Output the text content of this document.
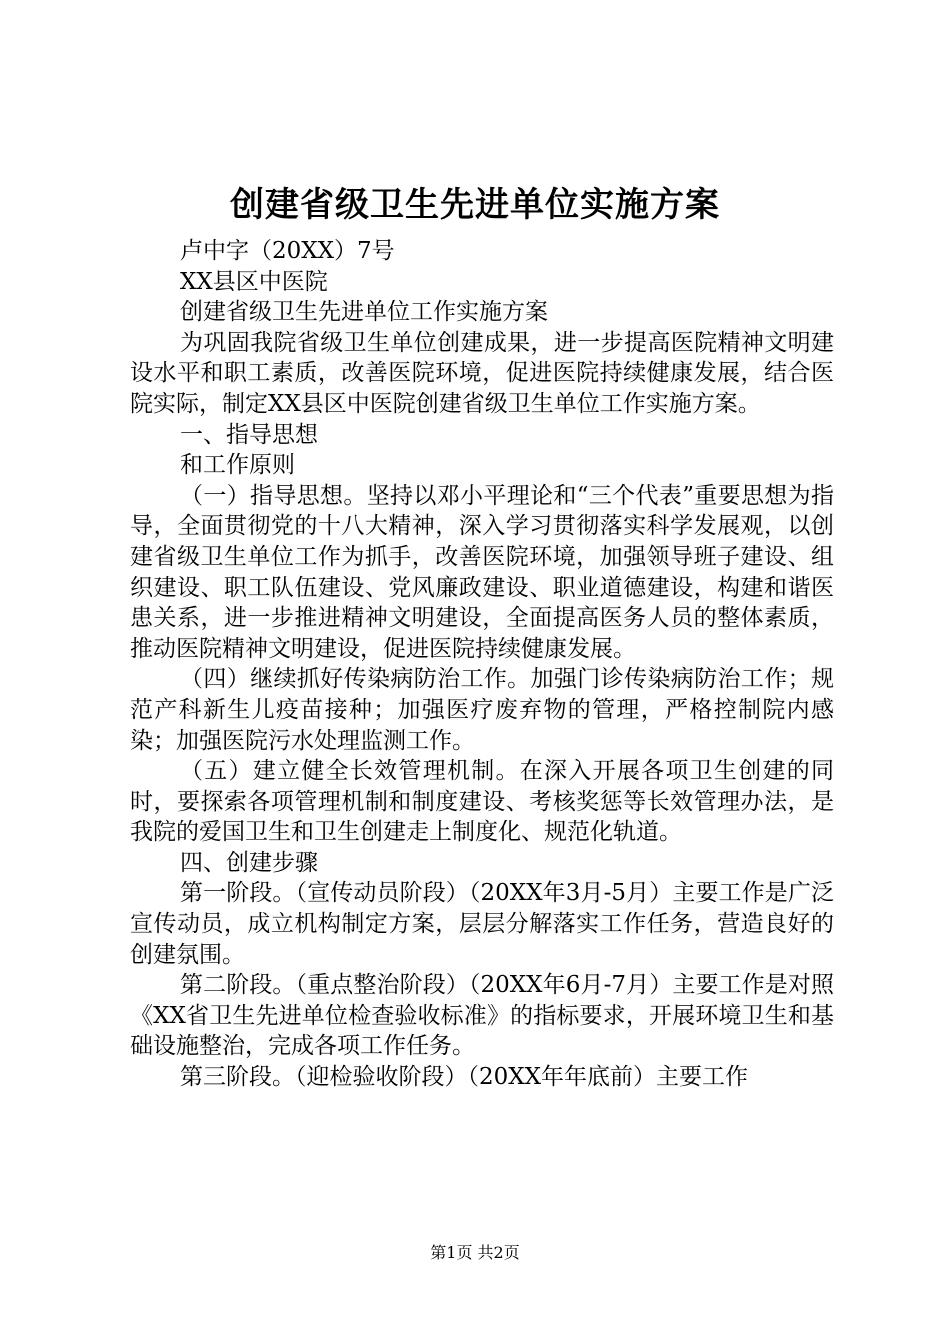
创建省级卫生先进单位实施方案

卢中字（20XX）7号

XX县区中医院

创建省级卫生先进单位工作实施方案

为巩固我院省级卫生单位创建成果，进一步提高医院精神文明建设水平和职工素质，改善医院环境，促进医院持续健康发展，结合医院实际，制定XX县区中医院创建省级卫生单位工作实施方案。

一、指导思想

和工作原则

（一）指导思想。坚持以邓小平理论和“三个代表”重要思想为指导，全面贯彻党的十八大精神，深入学习贯彻落实科学发展观，以创建省级卫生单位工作为抓手，改善医院环境，加强领导班子建设、组织建设、职工队伍建设、党风廉政建设、职业道德建设，构建和谐医患关系，进一步推进精神文明建设，全面提高医务人员的整体素质，推动医院精神文明建设，促进医院持续健康发展。

（四）继续抓好传染病防治工作。加强门诊传染病防治工作；规范产科新生儿疫苗接种；加强医疗废弃物的管理，严格控制院内感染；加强医院污水处理监测工作。

（五）建立健全长效管理机制。在深入开展各项卫生创建的同时，要探索各项管理机制和制度建设、考核奖惩等长效管理办法，是我院的爱国卫生和卫生创建走上制度化、规范化轨道。

四、创建步骤

第一阶段。（宣传动员阶段）（20XX年3月-5月）主要工作是广泛宣传动员，成立机构制定方案，层层分解落实工作任务，营造良好的创建氛围。

第二阶段。（重点整治阶段）（20XX年6月-7月）主要工作是对照《XX省卫生先进单位检查验收标准》的指标要求，开展环境卫生和基础设施整治，完成各项工作任务。

第三阶段。（迎检验收阶段）（20XX年年底前）主要工作

第1页 共2页
